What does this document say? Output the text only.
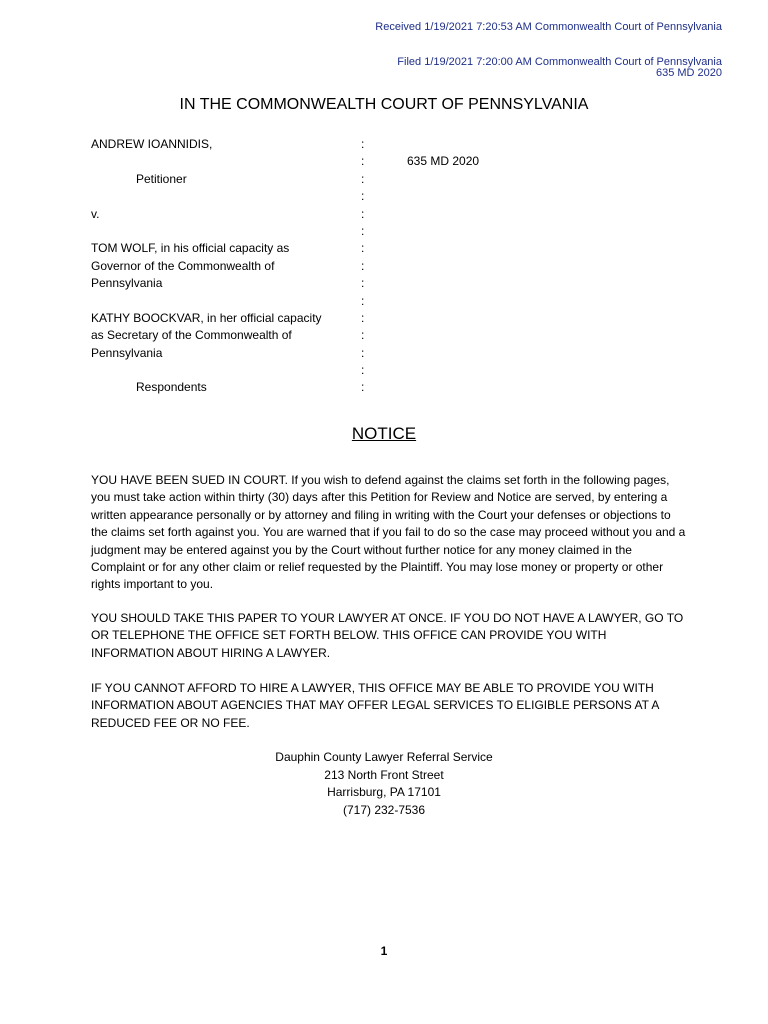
Received 1/19/2021 7:20:53 AM Commonwealth Court of Pennsylvania
Filed 1/19/2021 7:20:00 AM Commonwealth Court of Pennsylvania
635 MD 2020
IN THE COMMONWEALTH COURT OF PENNSYLVANIA
ANDREW IOANNIDIS,	:
:	635 MD 2020
Petitioner	:
:
v.	:
:
TOM WOLF, in his official capacity as	:
Governor of the Commonwealth of	:
Pennsylvania	:
:
KATHY BOOCKVAR, in her official capacity	:
as Secretary of the Commonwealth of	:
Pennsylvania	:
:
Respondents	:
NOTICE

YOU HAVE BEEN SUED IN COURT. If you wish to defend against the claims set forth in the following pages, you must take action within thirty (30) days after this Petition for Review and Notice are served, by entering a written appearance personally or by attorney and filing in writing with the Court your defenses or objections to the claims set forth against you. You are warned that if you fail to do so the case may proceed without you and a judgment may be entered against you by the Court without further notice for any money claimed in the Complaint or for any other claim or relief requested by the Plaintiff. You may lose money or property or other rights important to you.

YOU SHOULD TAKE THIS PAPER TO YOUR LAWYER AT ONCE. IF YOU DO NOT HAVE A LAWYER, GO TO OR TELEPHONE THE OFFICE SET FORTH BELOW. THIS OFFICE CAN PROVIDE YOU WITH INFORMATION ABOUT HIRING A LAWYER.

IF YOU CANNOT AFFORD TO HIRE A LAWYER, THIS OFFICE MAY BE ABLE TO PROVIDE YOU WITH INFORMATION ABOUT AGENCIES THAT MAY OFFER LEGAL SERVICES TO ELIGIBLE PERSONS AT A REDUCED FEE OR NO FEE.

Dauphin County Lawyer Referral Service
213 North Front Street
Harrisburg, PA 17101
(717) 232-7536
1
